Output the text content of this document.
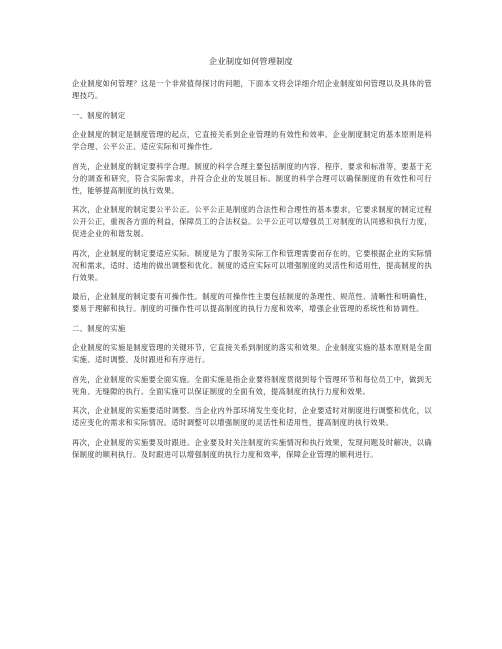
企业制度如何管理制度

企业制度如何管理？这是一个非常值得探讨的问题，下面本文将会详细介绍企业制度如何管理以及具体的管理技巧。

一、制度的制定

企业制度的制定是制度管理的起点，它直接关系到企业管理的有效性和效率。企业制度制定的基本原则是科学合理、公平公正、适应实际和可操作性。

首先，企业制度的制定要科学合理。制度的科学合理主要包括制度的内容、程序、要求和标准等，要基于充分的调查和研究，符合实际需求，并符合企业的发展目标。制度的科学合理可以确保制度的有效性和可行性，能够提高制度的执行效果。

其次，企业制度的制定要公平公正。公平公正是制度的合法性和合理性的基本要求，它要求制度的制定过程公开公正，重视各方面的利益，保障员工的合法权益。公平公正可以增强员工对制度的认同感和执行力度，促进企业的和谐发展。

再次，企业制度的制定要适应实际。制度是为了服务实际工作和管理需要而存在的，它要根据企业的实际情况和需求，适时、适地的做出调整和优化。制度的适应实际可以增强制度的灵活性和适用性，提高制度的执行效果。

最后，企业制度的制定要有可操作性。制度的可操作性主要包括制度的条理性、规范性、清晰性和明确性，要易于理解和执行。制度的可操作性可以提高制度的执行力度和效率，增强企业管理的系统性和协调性。

二、制度的实施

企业制度的实施是制度管理的关键环节，它直接关系到制度的落实和效果。企业制度实施的基本原则是全面实施、适时调整、及时跟进和有序进行。

首先，企业制度的实施要全面实施。全面实施是指企业要将制度贯彻到每个管理环节和每位员工中，做到无死角、无缝隙的执行。全面实施可以保证制度的全面有效，提高制度的执行力度和效果。

其次，企业制度的实施要适时调整。当企业内外部环境发生变化时，企业要适时对制度进行调整和优化，以适应变化的需求和实际情况。适时调整可以增强制度的灵活性和适用性，提高制度的执行效果。

再次，企业制度的实施要及时跟进。企业要及时关注制度的实施情况和执行效果，发现问题及时解决，以确保制度的顺利执行。及时跟进可以增强制度的执行力度和效率，保障企业管理的顺利进行。
